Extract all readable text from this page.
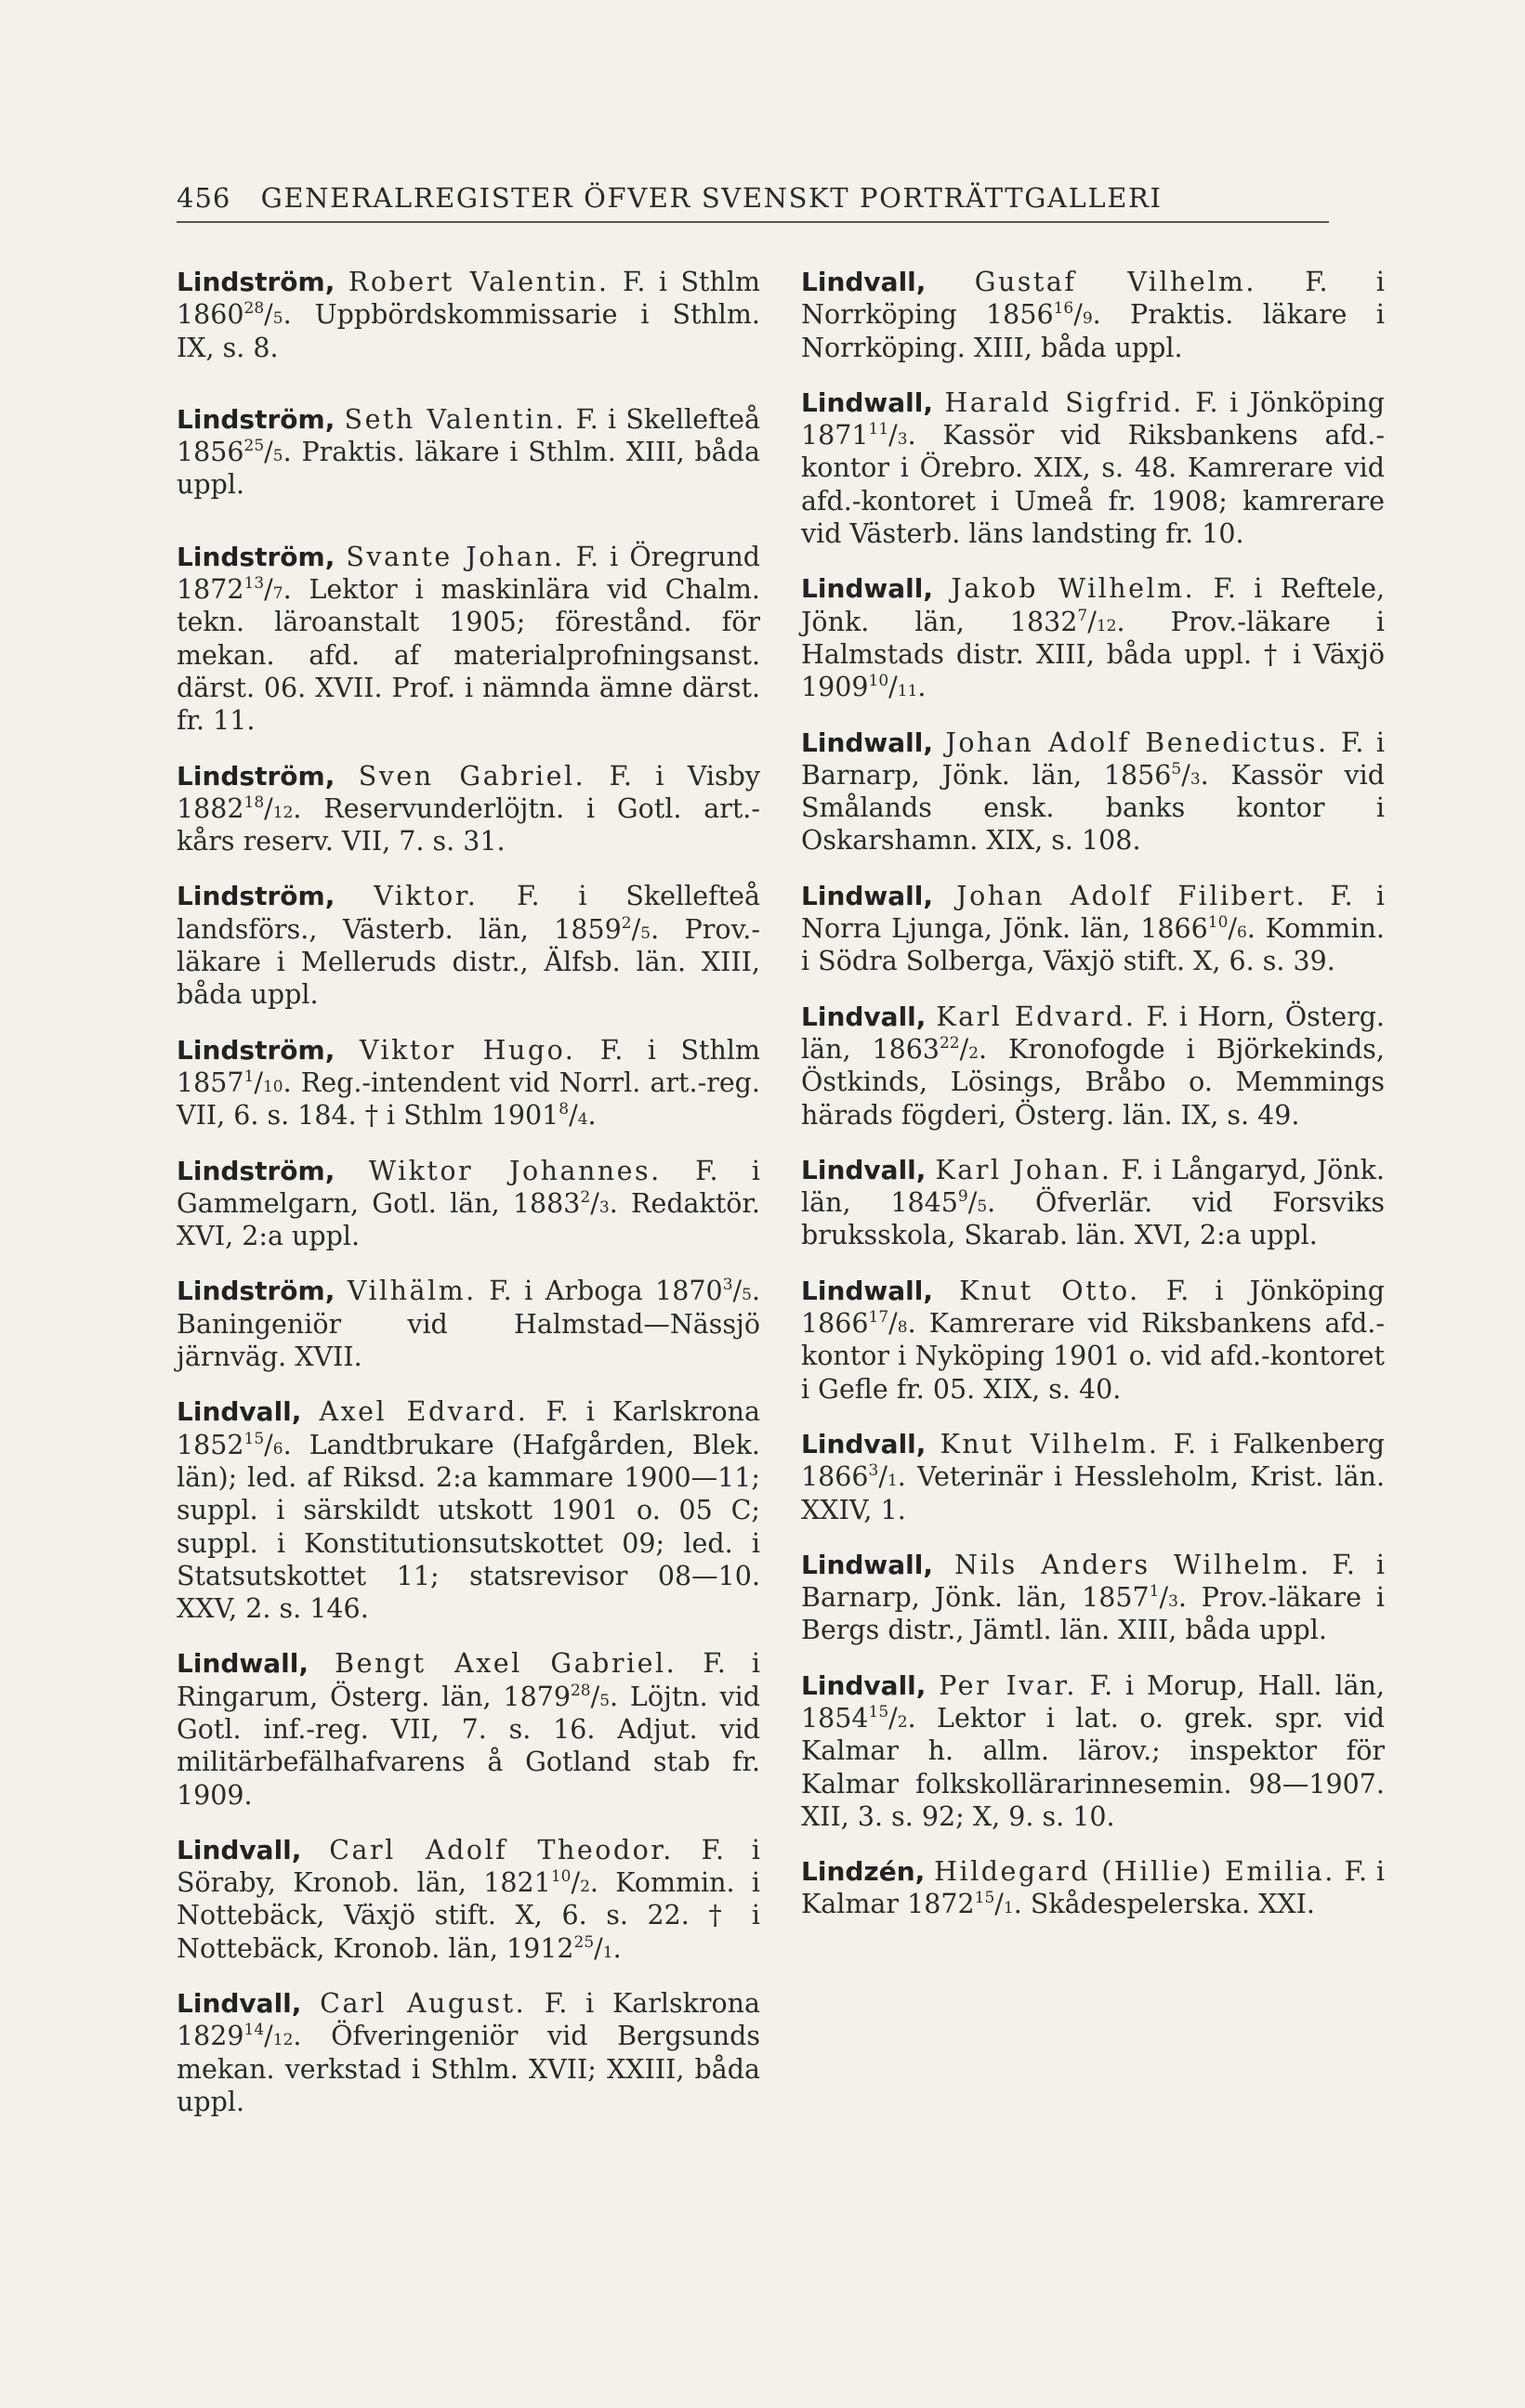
456 GENERALREGISTER ÖFVER SVENSKT PORTRÄTTGALLERI

Lindström, Robert Valentin. F. i Sthlm 1860$^{28}$/5. Uppbördskommissarie i Sthlm. IX, s. 8.

Lindström, Seth Valentin. F. i Skellefteå 1856$^{25}$/5. Praktis. läkare i Sthlm. XIII, båda uppl.

Lindström, Svante Johan. F. i Öregrund 1872$^{13}$/7. Lektor i maskinlära vid Chalm. tekn. läroanstalt 1905; förestånd. för mekan. afd. af materialprofningsanst. därst. 06. XVII. Prof. i nämnda ämne därst. fr. 11.

Lindström, Sven Gabriel. F. i Visby 1882$^{18}$/12. Reservunderlöjtn. i Gotl. art.-kårs reserv. VII, 7. s. 31.

Lindström, Viktor. F. i Skellefteå landsförs., Västerb. län, 1859$^2$/5. Prov.-läkare i Melleruds distr., Älfsb. län. XIII, båda uppl.

Lindström, Viktor Hugo. F. i Sthlm 1857$^1$/10. Reg.-intendent vid Norrl. art.-reg. VII, 6. s. 184. † i Sthlm 1901$^8$/4.

Lindström, Wiktor Johannes. F. i Gammelgarn, Gotl. län, 1883$^2$/3. Redaktör. XVI, 2:a uppl.

Lindström, Vilhälm. F. i Arboga 1870$^3$/5. Baningeniör vid Halmstad—Nässjö järnväg. XVII.

Lindvall, Axel Edvard. F. i Karlskrona 1852$^{15}$/6. Landtbrukare (Hafgården, Blek. län); led. af Riksd. 2:a kammare 1900—11; suppl. i särskildt utskott 1901 o. 05 C; suppl. i Konstitutionsutskottet 09; led. i Statsutskottet 11; statsrevisor 08—10. XXV, 2. s. 146.

Lindwall, Bengt Axel Gabriel. F. i Ringarum, Österg. län, 1879$^{28}$/5. Löjtn. vid Gotl. inf.-reg. VII, 7. s. 16. Adjut. vid militärbefälhafvarens å Gotland stab fr. 1909.

Lindvall, Carl Adolf Theodor. F. i Söraby, Kronob. län, 1821$^{10}$/2. Kommin. i Nottebäck, Växjö stift. X, 6. s. 22. † i Nottebäck, Kronob. län, 1912$^{25}$/1.

Lindvall, Carl August. F. i Karlskrona 1829$^{14}$/12. Öfveringeniör vid Bergsunds mekan. verkstad i Sthlm. XVII; XXIII, båda uppl.

Lindvall, Gustaf Vilhelm. F. i Norrköping 1856$^{16}$/9. Praktis. läkare i Norrköping. XIII, båda uppl.

Lindwall, Harald Sigfrid. F. i Jönköping 1871$^{11}$/3. Kassör vid Riksbankens afd.-kontor i Örebro. XIX, s. 48. Kamrerare vid afd.-kontoret i Umeå fr. 1908; kamrerare vid Västerb. läns landsting fr. 10.

Lindwall, Jakob Wilhelm. F. i Reftele, Jönk. län, 1832$^7$/12. Prov.-läkare i Halmstads distr. XIII, båda uppl. † i Växjö 1909$^{10}$/11.

Lindwall, Johan Adolf Benedictus. F. i Barnarp, Jönk. län, 1856$^5$/3. Kassör vid Smålands ensk. banks kontor i Oskarshamn. XIX, s. 108.

Lindwall, Johan Adolf Filibert. F. i Norra Ljunga, Jönk. län, 1866$^{10}$/6. Kommin. i Södra Solberga, Växjö stift. X, 6. s. 39.

Lindvall, Karl Edvard. F. i Horn, Österg. län, 1863$^{22}$/2. Kronofogde i Björkekinds, Östkinds, Lösings, Bråbo o. Memmings härads fögderi, Österg. län. IX, s. 49.

Lindvall, Karl Johan. F. i Långaryd, Jönk. län, 1845$^9$/5. Öfverlär. vid Forsviks bruksskola, Skarab. län. XVI, 2:a uppl.

Lindwall, Knut Otto. F. i Jönköping 1866$^{17}$/8. Kamrerare vid Riksbankens afd.-kontor i Nyköping 1901 o. vid afd.-kontoret i Gefle fr. 05. XIX, s. 40.

Lindvall, Knut Vilhelm. F. i Falkenberg 1866$^3$/1. Veterinär i Hessleholm, Krist. län. XXIV, 1.

Lindwall, Nils Anders Wilhelm. F. i Barnarp, Jönk. län, 1857$^1$/3. Prov.-läkare i Bergs distr., Jämtl. län. XIII, båda uppl.

Lindvall, Per Ivar. F. i Morup, Hall. län, 1854$^{15}$/2. Lektor i lat. o. grek. spr. vid Kalmar h. allm. lärov.; inspektor för Kalmar folkskollärarinnesemin. 98—1907. XII, 3. s. 92; X, 9. s. 10.

Lindzén, Hildegard (Hillie) Emilia. F. i Kalmar 1872$^{15}$/1. Skådespelerska. XXI.
